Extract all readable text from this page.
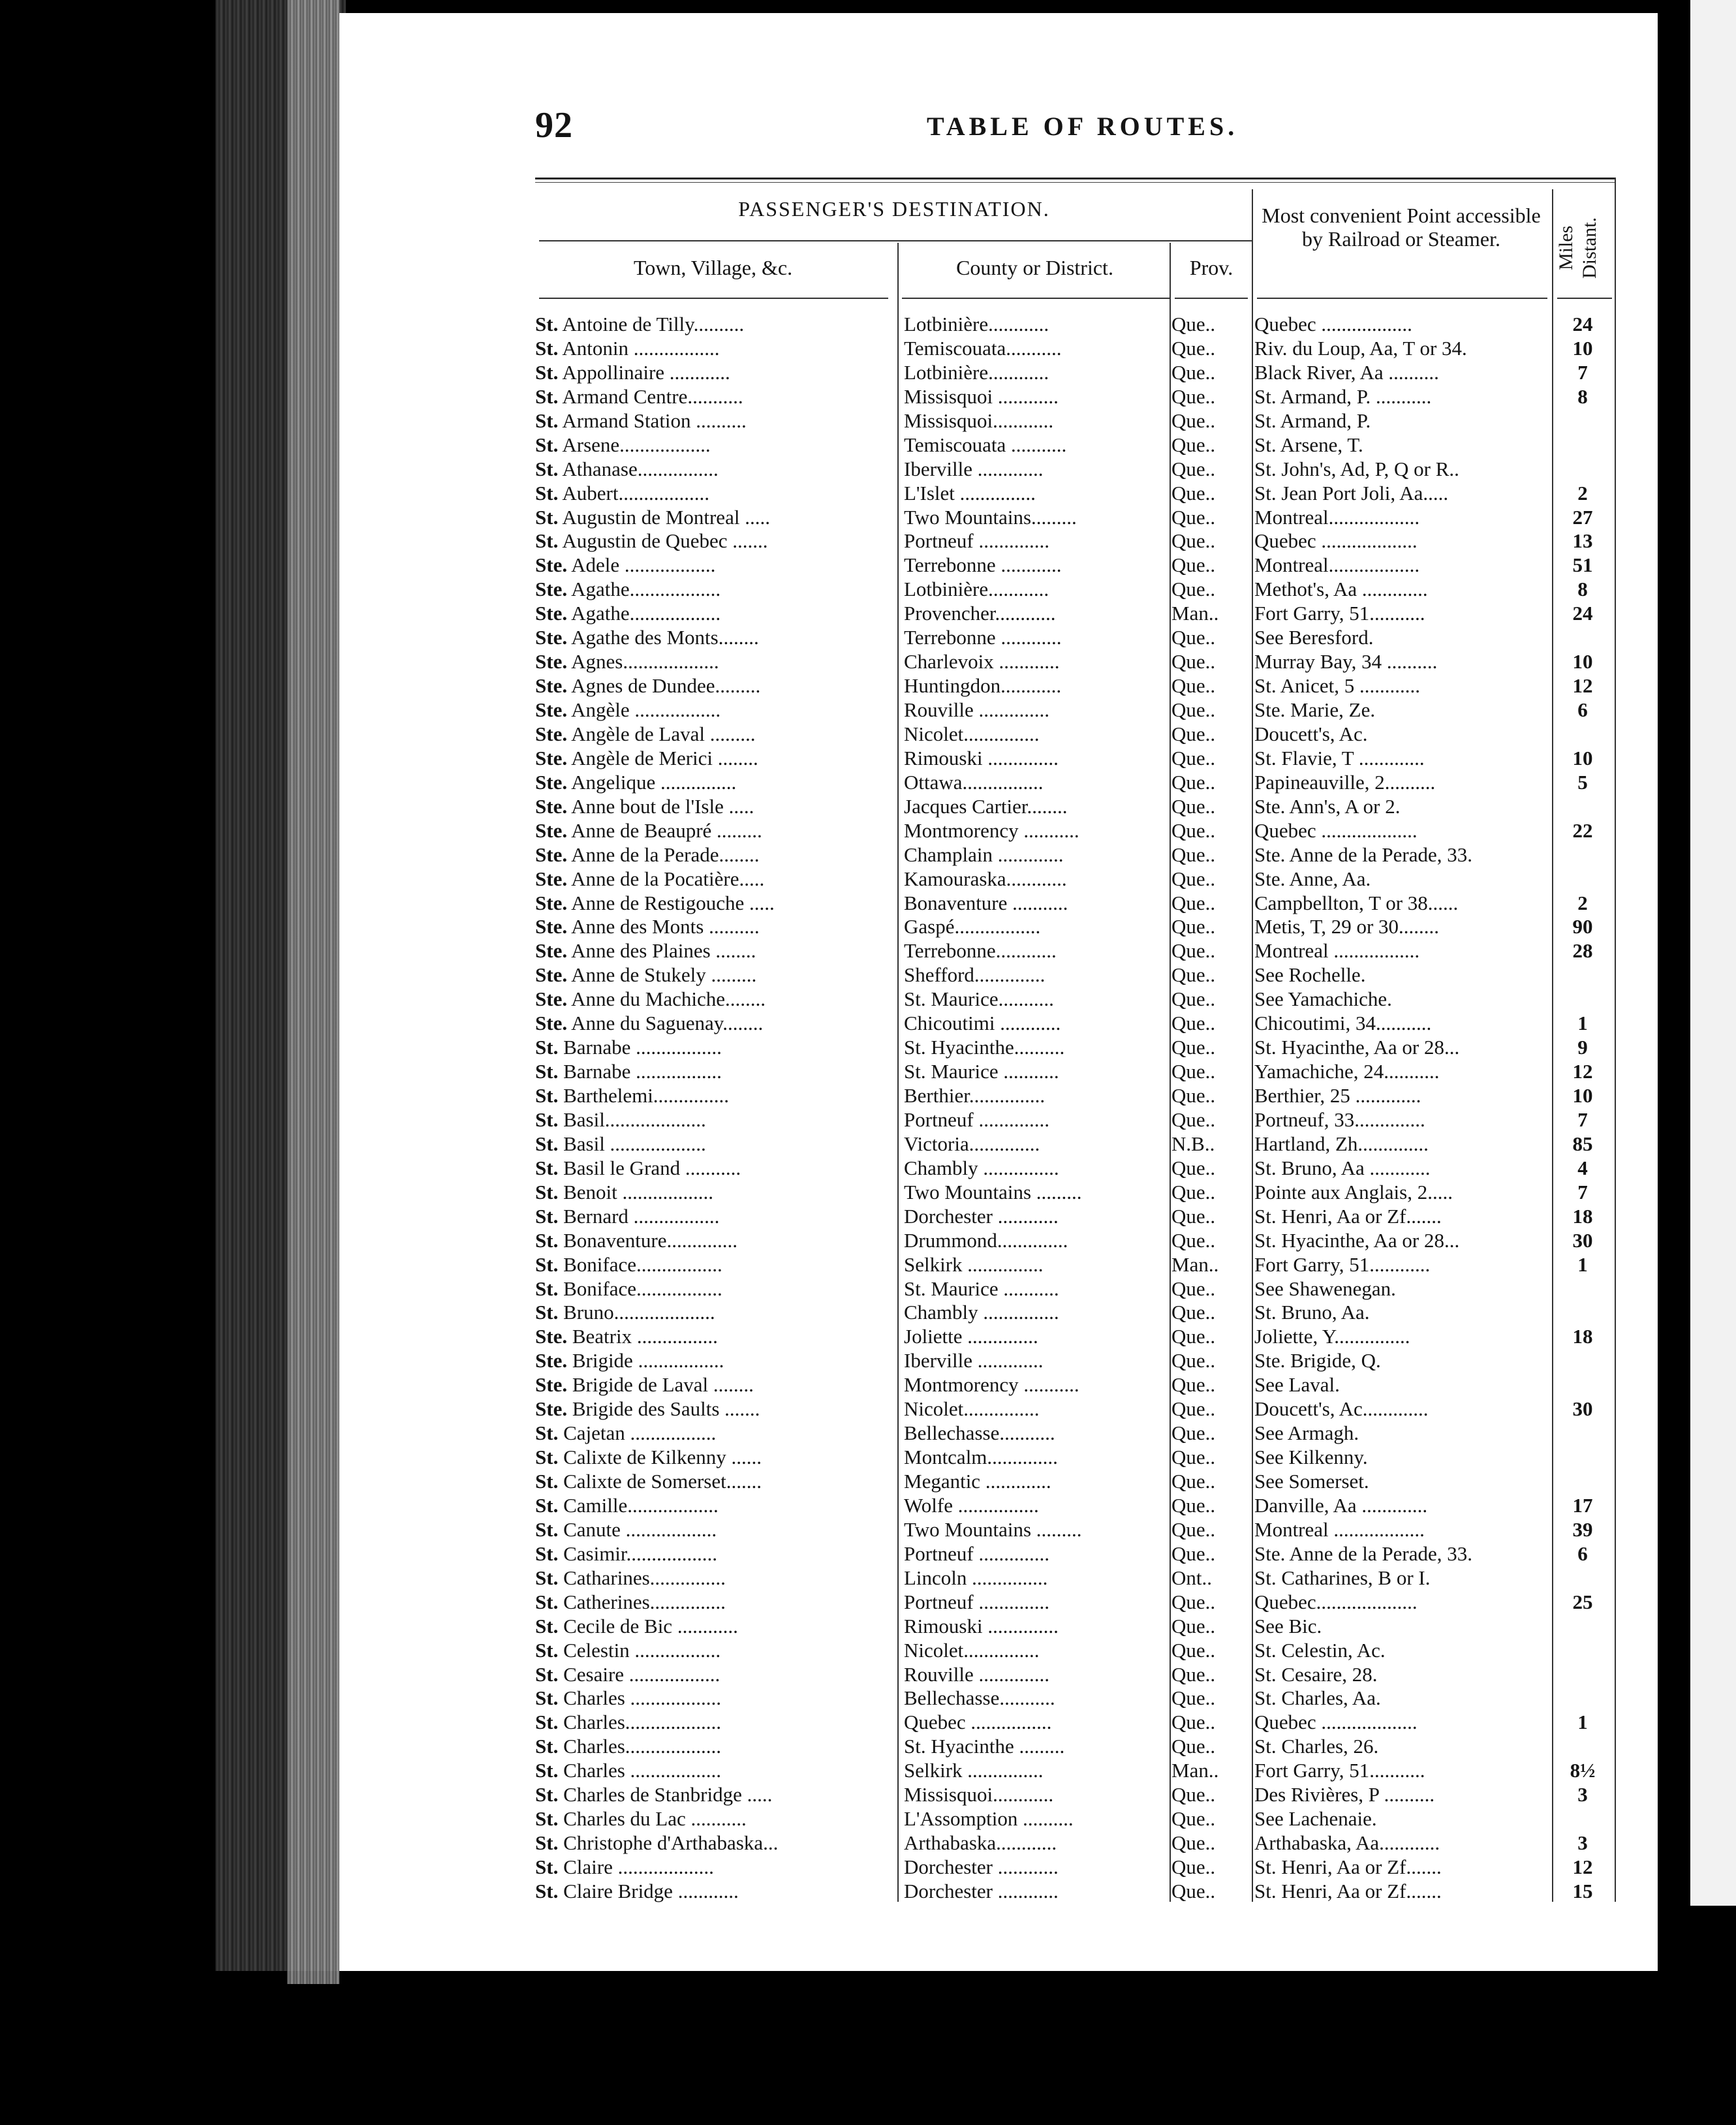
92	TABLE OF ROUTES.
PASSENGER'S DESTINATION.	Most convenient Point accessible by Railroad or Steamer.	Miles Distant.
Town, Village, &c.	County or District.	Prov.
St. Antoine de Tilly..........	Lotbinière............	Que..	Quebec ..................	24
St. Antonin .................	Temiscouata...........	Que..	Riv. du Loup, Aa, T or 34.	10
St. Appollinaire ............	Lotbinière............	Que..	Black River, Aa ..........	7
St. Armand Centre...........	Missisquoi ............	Que..	St. Armand, P. ...........	8
St. Armand Station ..........	Missisquoi............	Que..	St. Armand, P.
St. Arsene..................	Temiscouata ...........	Que..	St. Arsene, T.
St. Athanase................	Iberville .............	Que..	St. John's, Ad, P, Q or R..
St. Aubert..................	L'Islet ...............	Que..	St. Jean Port Joli, Aa.....	2
St. Augustin de Montreal .....	Two Mountains.........	Que..	Montreal..................	27
St. Augustin de Quebec .......	Portneuf ..............	Que..	Quebec ...................	13
Ste. Adele ..................	Terrebonne ............	Que..	Montreal..................	51
Ste. Agathe..................	Lotbinière............	Que..	Methot's, Aa .............	8
Ste. Agathe..................	Provencher............	Man..	Fort Garry, 51...........	24
Ste. Agathe des Monts........	Terrebonne ............	Que..	See Beresford.
Ste. Agnes...................	Charlevoix ............	Que..	Murray Bay, 34 ..........	10
Ste. Agnes de Dundee.........	Huntingdon............	Que..	St. Anicet, 5 ............	12
Ste. Angèle .................	Rouville ..............	Que..	Ste. Marie, Ze.	6
Ste. Angèle de Laval .........	Nicolet...............	Que..	Doucett's, Ac.
Ste. Angèle de Merici ........	Rimouski ..............	Que..	St. Flavie, T .............	10
Ste. Angelique ...............	Ottawa................	Que..	Papineauville, 2..........	5
Ste. Anne bout de l'Isle .....	Jacques Cartier........	Que..	Ste. Ann's, A or 2.
Ste. Anne de Beaupré .........	Montmorency ...........	Que..	Quebec ...................	22
Ste. Anne de la Perade........	Champlain .............	Que..	Ste. Anne de la Perade, 33.
Ste. Anne de la Pocatière.....	Kamouraska............	Que..	Ste. Anne, Aa.
Ste. Anne de Restigouche .....	Bonaventure ...........	Que..	Campbellton, T or 38......	2
Ste. Anne des Monts ..........	Gaspé.................	Que..	Metis, T, 29 or 30........	90
Ste. Anne des Plaines ........	Terrebonne............	Que..	Montreal .................	28
Ste. Anne de Stukely .........	Shefford..............	Que..	See Rochelle.
Ste. Anne du Machiche........	St. Maurice...........	Que..	See Yamachiche.
Ste. Anne du Saguenay........	Chicoutimi ............	Que..	Chicoutimi, 34...........	1
St. Barnabe .................	St. Hyacinthe..........	Que..	St. Hyacinthe, Aa or 28...	9
St. Barnabe .................	St. Maurice ...........	Que..	Yamachiche, 24...........	12
St. Barthelemi...............	Berthier...............	Que..	Berthier, 25 .............	10
St. Basil....................	Portneuf ..............	Que..	Portneuf, 33..............	7
St. Basil ...................	Victoria..............	N.B..	Hartland, Zh..............	85
St. Basil le Grand ...........	Chambly ...............	Que..	St. Bruno, Aa ............	4
St. Benoit ..................	Two Mountains .........	Que..	Pointe aux Anglais, 2.....	7
St. Bernard .................	Dorchester ............	Que..	St. Henri, Aa or Zf.......	18
St. Bonaventure..............	Drummond..............	Que..	St. Hyacinthe, Aa or 28...	30
St. Boniface.................	Selkirk ...............	Man..	Fort Garry, 51............	1
St. Boniface.................	St. Maurice ...........	Que..	See Shawenegan.
St. Bruno....................	Chambly ...............	Que..	St. Bruno, Aa.
Ste. Beatrix ................	Joliette ..............	Que..	Joliette, Y...............	18
Ste. Brigide .................	Iberville .............	Que..	Ste. Brigide, Q.
Ste. Brigide de Laval ........	Montmorency ...........	Que..	See Laval.
Ste. Brigide des Saults .......	Nicolet...............	Que..	Doucett's, Ac.............	30
St. Cajetan .................	Bellechasse...........	Que..	See Armagh.
St. Calixte de Kilkenny ......	Montcalm..............	Que..	See Kilkenny.
St. Calixte de Somerset.......	Megantic .............	Que..	See Somerset.
St. Camille..................	Wolfe ................	Que..	Danville, Aa .............	17
St. Canute ..................	Two Mountains .........	Que..	Montreal ..................	39
St. Casimir..................	Portneuf ..............	Que..	Ste. Anne de la Perade, 33.	6
St. Catharines...............	Lincoln ...............	Ont..	St. Catharines, B or I.
St. Catherines...............	Portneuf ..............	Que..	Quebec....................	25
St. Cecile de Bic ............	Rimouski ..............	Que..	See Bic.
St. Celestin .................	Nicolet...............	Que..	St. Celestin, Ac.
St. Cesaire ..................	Rouville ..............	Que..	St. Cesaire, 28.
St. Charles ..................	Bellechasse...........	Que..	St. Charles, Aa.
St. Charles...................	Quebec ................	Que..	Quebec ...................	1
St. Charles...................	St. Hyacinthe .........	Que..	St. Charles, 26.
St. Charles ..................	Selkirk ...............	Man..	Fort Garry, 51...........	8½
St. Charles de Stanbridge .....	Missisquoi............	Que..	Des Rivières, P ..........	3
St. Charles du Lac ...........	L'Assomption ..........	Que..	See Lachenaie.
St. Christophe d'Arthabaska...	Arthabaska............	Que..	Arthabaska, Aa............	3
St. Claire ...................	Dorchester ............	Que..	St. Henri, Aa or Zf.......	12
St. Claire Bridge ............	Dorchester ............	Que..	St. Henri, Aa or Zf.......	15
